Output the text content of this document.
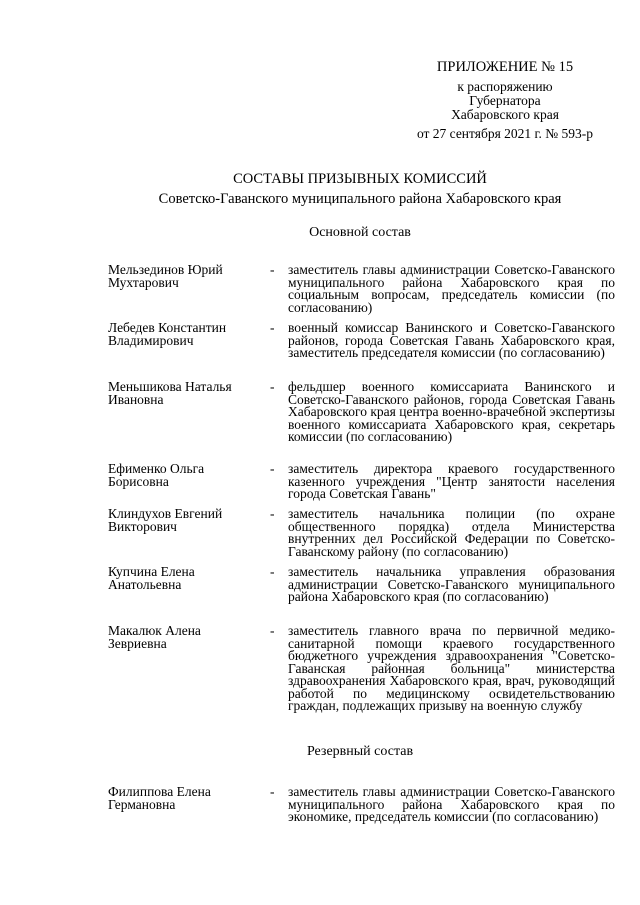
ПРИЛОЖЕНИЕ № 15
к распоряжению
Губернатора
Хабаровского края
от 27 сентября 2021 г. № 593-р
СОСТАВЫ ПРИЗЫВНЫХ КОМИССИЙ
Советско-Гаванского муниципального района Хабаровского края
Основной состав
Мельзединов Юрий Мухтарович
- заместитель главы администрации Советско-Гаванского муниципального района Хабаровского края по социальным вопросам, председатель комиссии (по согласованию)
Лебедев Константин Владимирович
- военный комиссар Ванинского и Советско-Гаванского районов, города Советская Гавань Хабаровского края, заместитель председателя комиссии (по согласованию)
Меньшикова Наталья Ивановна
- фельдшер военного комиссариата Ванинского и Советско-Гаванского районов, города Советская Гавань Хабаровского края центра военно-врачебной экспертизы военного комиссариата Хабаровского края, секретарь комиссии (по согласованию)
Ефименко Ольга Борисовна
- заместитель директора краевого государственного казенного учреждения "Центр занятости населения города Советская Гавань"
Клиндухов Евгений Викторович
- заместитель начальника полиции (по охране общественного порядка) отдела Министерства внутренних дел Российской Федерации по Советско-Гаванскому району (по согласованию)
Купчина Елена Анатольевна
- заместитель начальника управления образования администрации Советско-Гаванского муниципального района Хабаровского края (по согласованию)
Макалюк Алена Зевриевна
- заместитель главного врача по первичной медико-санитарной помощи краевого государственного бюджетного учреждения здравоохранения "Советско-Гаванская районная больница" министерства здравоохранения Хабаровского края, врач, руководящий работой по медицинскому освидетельствованию граждан, подлежащих призыву на военную службу
Резервный состав
Филиппова Елена Германовна
- заместитель главы администрации Советско-Гаванского муниципального района Хабаровского края по экономике, председатель комиссии (по согласованию)
